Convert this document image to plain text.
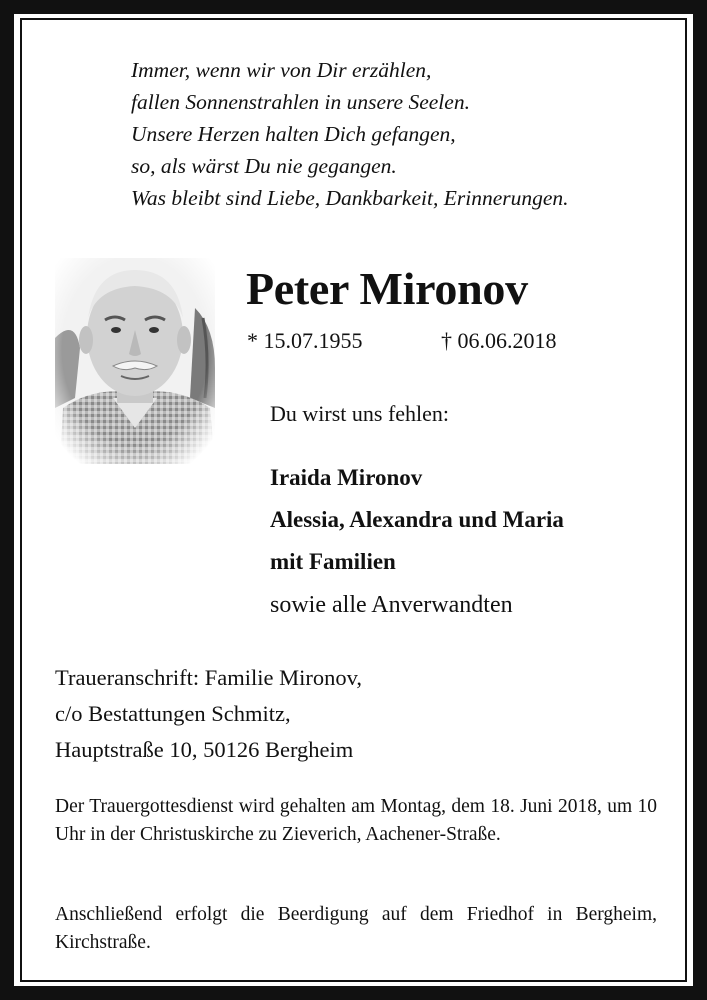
Immer, wenn wir von Dir erzählen,
fallen Sonnenstrahlen in unsere Seelen.
Unsere Herzen halten Dich gefangen,
so, als wärst Du nie gegangen.
Was bleibt sind Liebe, Dankbarkeit, Erinnerungen.
Peter Mironov
* 15.07.1955	† 06.06.2018
Du wirst uns fehlen:
Iraida Mironov
Alessia, Alexandra und Maria
mit Familien
sowie alle Anverwandten
Traueranschrift: Familie Mironov,
c/o Bestattungen Schmitz,
Hauptstraße 10, 50126 Bergheim
Der Trauergottesdienst wird gehalten am Montag, dem 18. Juni 2018, um 10 Uhr in der Christuskirche zu Zieverich, Aachener-Straße.
Anschließend erfolgt die Beerdigung auf dem Friedhof in Bergheim, Kirchstraße.
